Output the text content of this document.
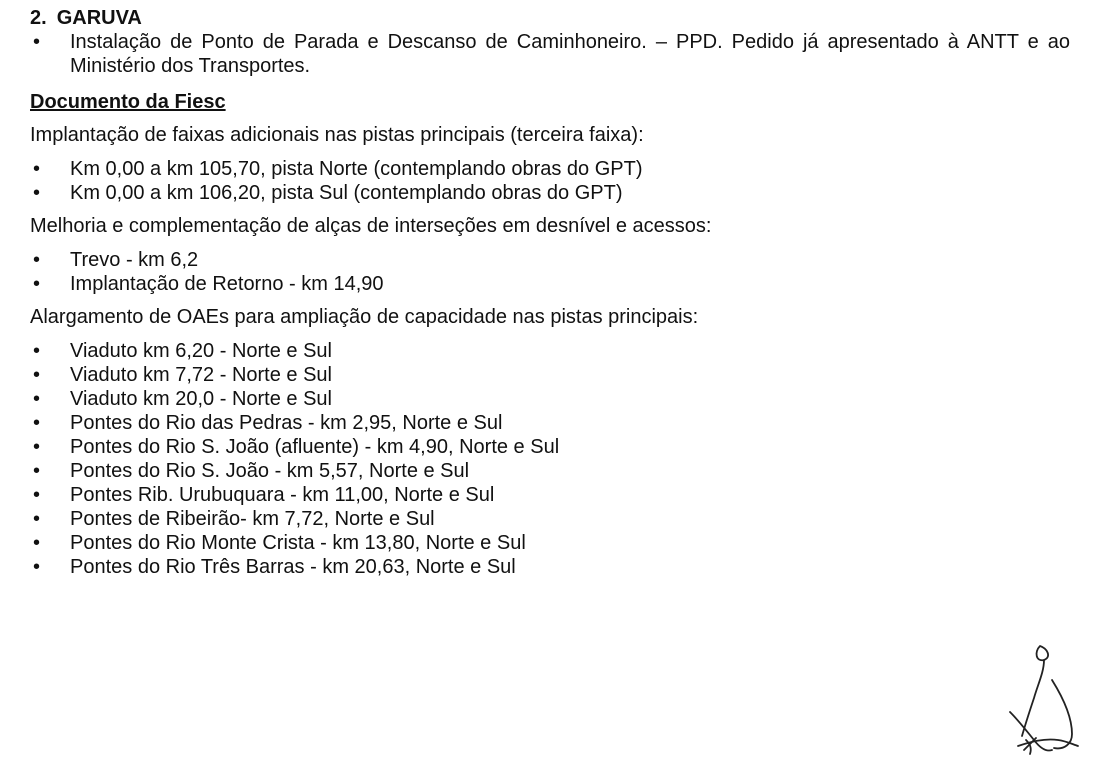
2. GARUVA
• Instalação de Ponto de Parada e Descanso de Caminhoneiro. – PPD. Pedido já apresentado à ANTT e ao Ministério dos Transportes.
Documento da Fiesc
Implantação de faixas adicionais nas pistas principais (terceira faixa):
• Km 0,00 a km 105,70, pista Norte (contemplando obras do GPT)
• Km 0,00 a km 106,20, pista Sul (contemplando obras do GPT)
Melhoria e complementação de alças de interseções em desnível e acessos:
• Trevo - km 6,2
• Implantação de Retorno - km 14,90
Alargamento de OAEs para ampliação de capacidade nas pistas principais:
• Viaduto km 6,20 - Norte e Sul
• Viaduto km 7,72 - Norte e Sul
• Viaduto km 20,0 - Norte e Sul
• Pontes do Rio das Pedras - km 2,95, Norte e Sul
• Pontes do Rio S. João (afluente) - km 4,90, Norte e Sul
• Pontes do Rio S. João - km 5,57, Norte e Sul
• Pontes Rib. Urubuquara - km 11,00, Norte e Sul
• Pontes de Ribeirão- km 7,72, Norte e Sul
• Pontes do Rio Monte Crista - km 13,80, Norte e Sul
• Pontes do Rio Três Barras - km 20,63, Norte e Sul
